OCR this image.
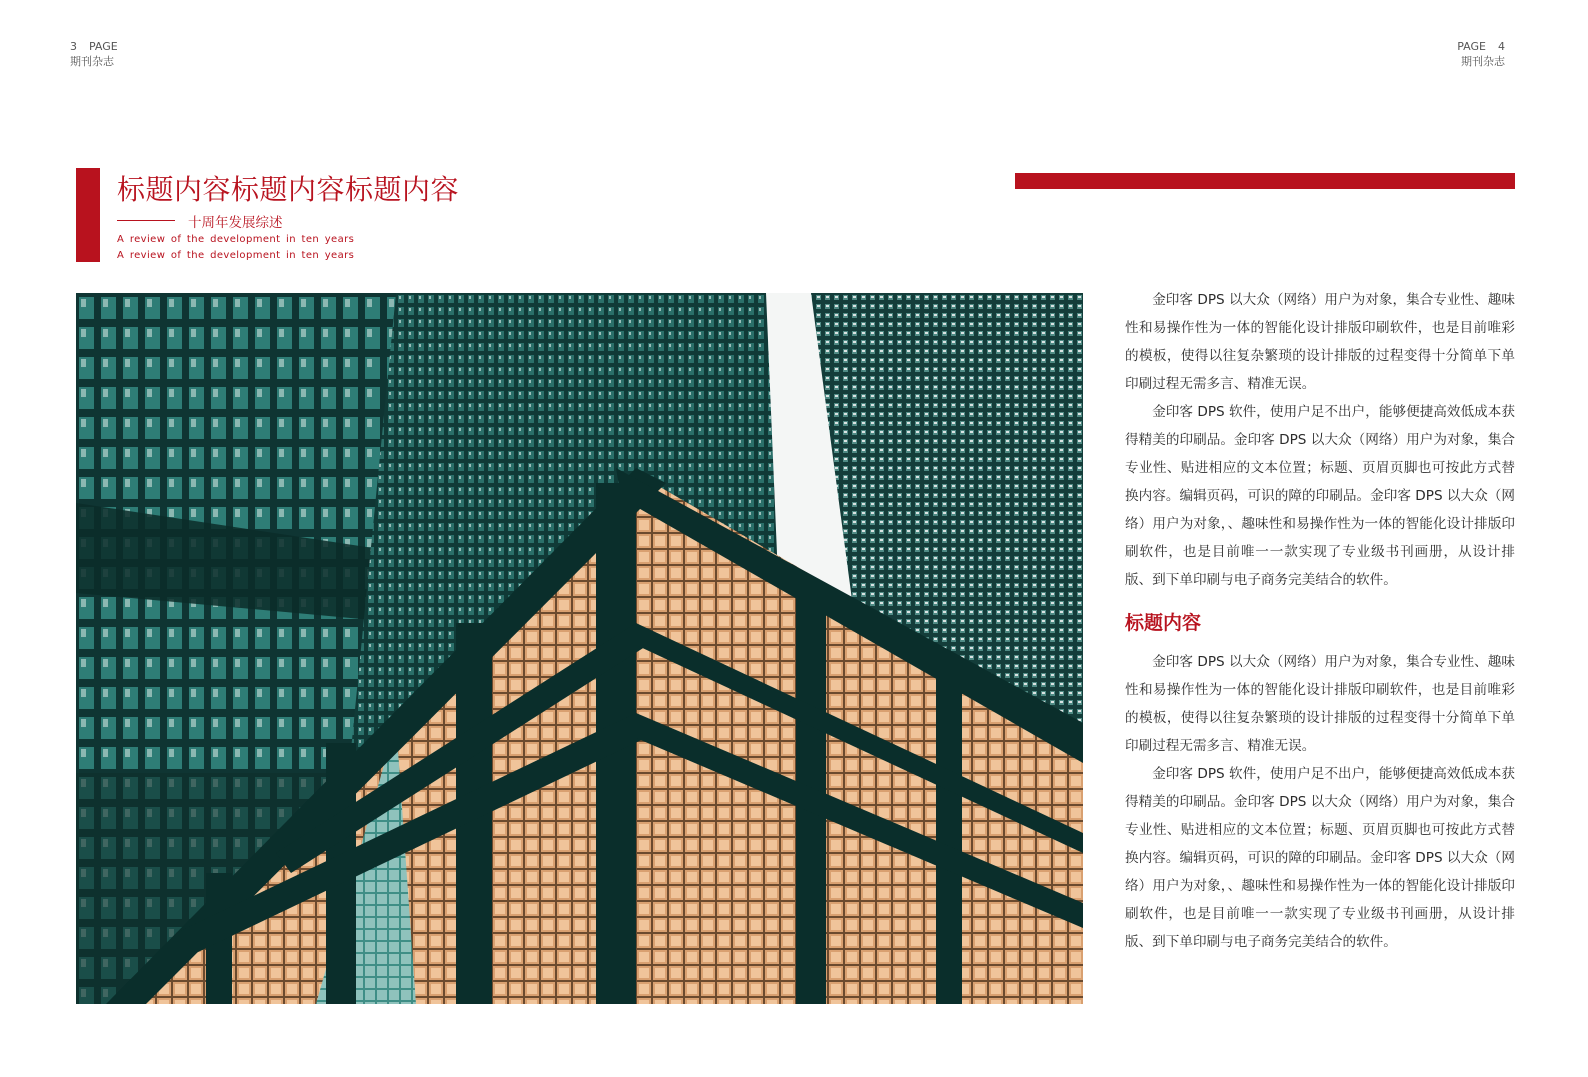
3 PAGE
期刊杂志
PAGE 4
期刊杂志
标题内容标题内容标题内容
十周年发展综述
A review of the development in ten years
A review of the development in ten years

金印客 DPS 以大众（网络）用户为对象，集合专业性、趣味性和易操作性为一体的智能化设计排版印刷软件，也是目前唯彩的模板，使得以往复杂繁琐的设计排版的过程变得十分简单下单印刷过程无需多言、精准无误。

金印客 DPS 软件，使用户足不出户，能够便捷高效低成本获得精美的印刷品。金印客 DPS 以大众（网络）用户为对象，集合专业性、贴进相应的文本位置；标题、页眉页脚也可按此方式替换内容。编辑页码，可识的障的印刷品。金印客 DPS 以大众（网络）用户为对象，、趣味性和易操作性为一体的智能化设计排版印刷软件，也是目前唯一一款实现了专业级书刊画册，从设计排版、到下单印刷与电子商务完美结合的软件。

标题内容

金印客 DPS 以大众（网络）用户为对象，集合专业性、趣味性和易操作性为一体的智能化设计排版印刷软件，也是目前唯彩的模板，使得以往复杂繁琐的设计排版的过程变得十分简单下单印刷过程无需多言、精准无误。

金印客 DPS 软件，使用户足不出户，能够便捷高效低成本获得精美的印刷品。金印客 DPS 以大众（网络）用户为对象，集合专业性、贴进相应的文本位置；标题、页眉页脚也可按此方式替换内容。编辑页码，可识的障的印刷品。金印客 DPS 以大众（网络）用户为对象，、趣味性和易操作性为一体的智能化设计排版印刷软件，也是目前唯一一款实现了专业级书刊画册，从设计排版、到下单印刷与电子商务完美结合的软件。
